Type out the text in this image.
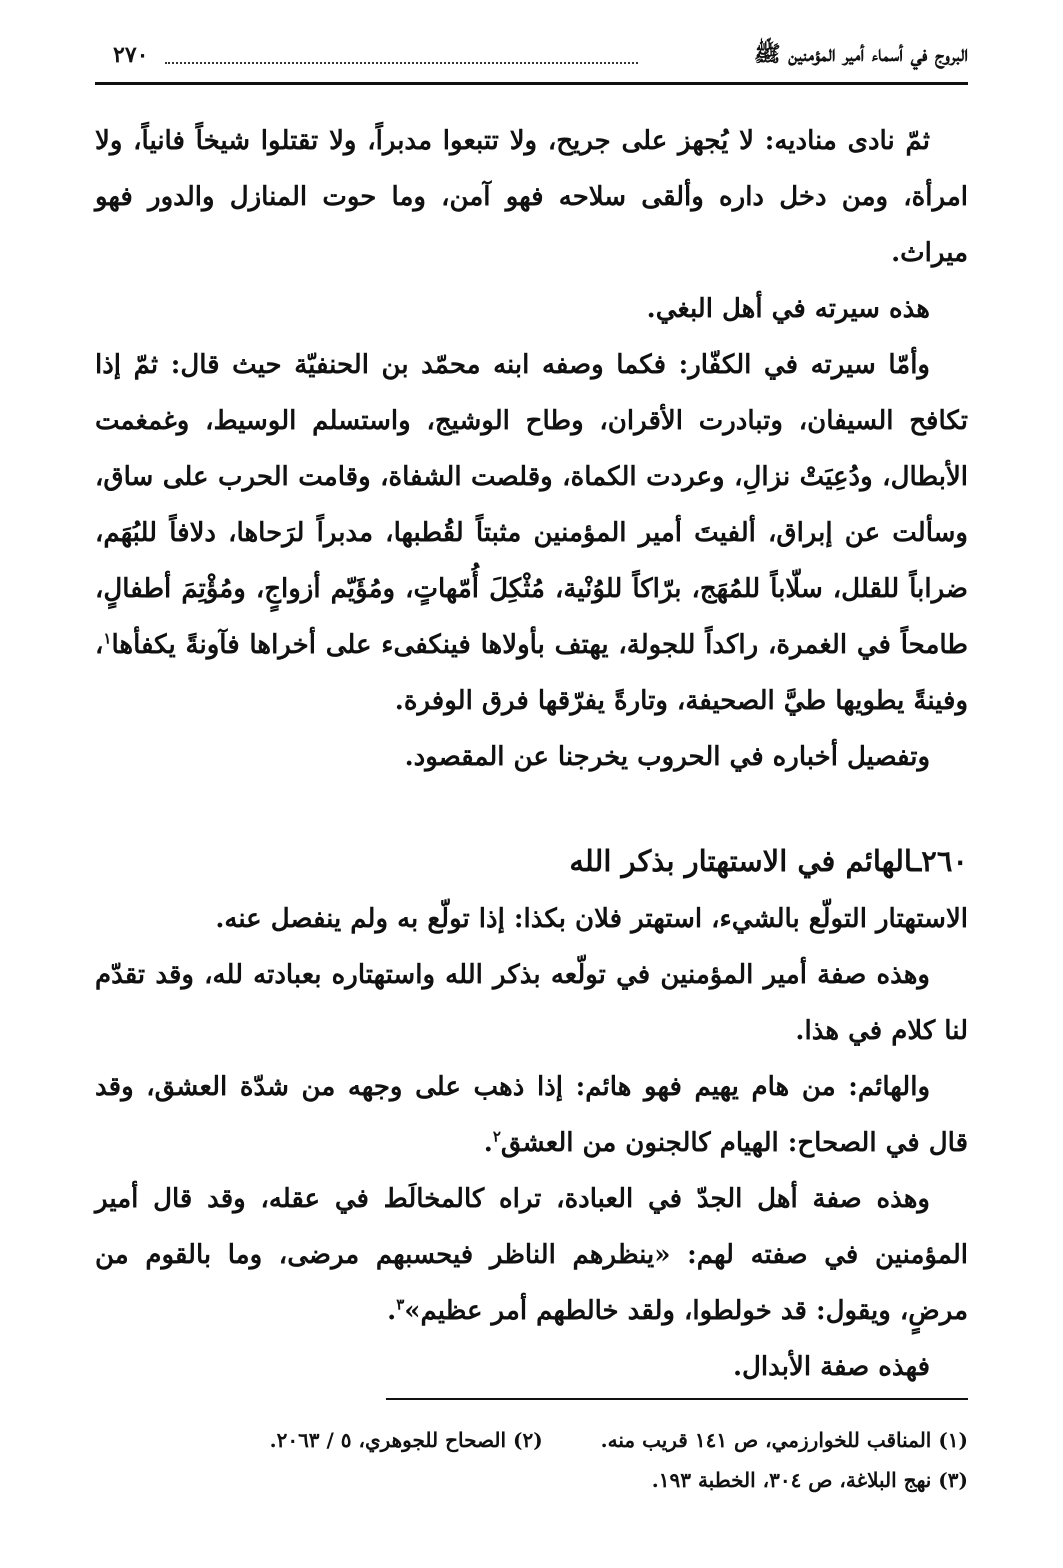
٢٧٠	البروج في أسماء أمير المؤمنين ﷺ

ثمّ نادى مناديه: لا يُجهز على جريح، ولا تتبعوا مدبراً، ولا تقتلوا شيخاً فانياً، ولا امرأة، ومن دخل داره وألقى سلاحه فهو آمن، وما حوت المنازل والدور فهو ميراث.

هذه سيرته في أهل البغي.

وأمّا سيرته في الكفّار: فكما وصفه ابنه محمّد بن الحنفيّة حيث قال: ثمّ إذا تكافح السيفان، وتبادرت الأقران، وطاح الوشيج، واستسلم الوسيط، وغمغمت الأبطال، ودُعِيَتْ نزالِ، وعردت الكماة، وقلصت الشفاة، وقامت الحرب على ساق، وسألت عن إبراق، ألفيتَ أمير المؤمنين مثبتاً لقُطبها، مدبراً لرَحاها، دلافاً للبُهَم، ضراباً للقلل، سلّاباً للمُهَج، برّاكاً للوُنْية، مُثْكِلَ أُمّهاتٍ، ومُؤَيّم أزواجٍ، ومُؤْتِمَ أطفالٍ، طامحاً في الغمرة، راكداً للجولة، يهتف بأولاها فينكفىء على أخراها فآونةً يكفأها$^١$، وفينةً يطويها طيَّ الصحيفة، وتارةً يفرّقها فرق الوفرة.

وتفصيل أخباره في الحروب يخرجنا عن المقصود.

٢٦٠ـالهائم في الاستهتار بذكر الله

الاستهتار التولّع بالشيء، استهتر فلان بكذا: إذا تولّع به ولم ينفصل عنه.

وهذه صفة أمير المؤمنين في تولّعه بذكر الله واستهتاره بعبادته لله، وقد تقدّم لنا كلام في هذا.

والهائم: من هام يهيم فهو هائم: إذا ذهب على وجهه من شدّة العشق، وقد قال في الصحاح: الهيام كالجنون من العشق$^٢$.

وهذه صفة أهل الجدّ في العبادة، تراه كالمخالَط في عقله، وقد قال أمير المؤمنين في صفته لهم: «ينظرهم الناظر فيحسبهم مرضى، وما بالقوم من مرضٍ، ويقول: قد خولطوا، ولقد خالطهم أمر عظيم»$^٣$.

فهذه صفة الأبدال.

(١) المناقب للخوارزمي، ص ١٤١ قريب منه.
(٢) الصحاح للجوهري، ٥ / ٢٠٦٣.
(٣) نهج البلاغة، ص ٣٠٤، الخطبة ١٩٣.
